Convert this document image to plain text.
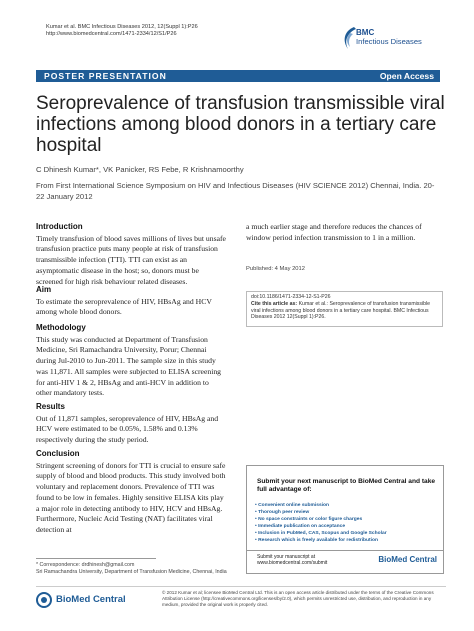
Kumar et al. BMC Infectious Diseases 2012, 12(Suppl 1):P26
http://www.biomedcentral.com/1471-2334/12/S1/P26	BMC
Infectious Diseases
POSTER PRESENTATION	Open Access
Seroprevalence of transfusion transmissible viral infections among blood donors in a tertiary care hospital
C Dhinesh Kumar*, VK Panicker, RS Febe, R Krishnamoorthy
From First International Science Symposium on HIV and Infectious Diseases (HIV SCIENCE 2012) Chennai, India. 20-22 January 2012
Introduction
Timely transfusion of blood saves millions of lives but unsafe transfusion practice puts many people at risk of transfusion transmissible infection (TTI). TTI can exist as an asymptomatic disease in the host; so, donors must be screened for high risk behaviour related diseases.
Aim
To estimate the seroprevalence of HIV, HBsAg and HCV among whole blood donors.
Methodology
This study was conducted at Department of Transfusion Medicine, Sri Ramachandra University, Porur; Chennai during Jul-2010 to Jun-2011. The sample size in this study was 11,871. All samples were subjected to ELISA screening for anti-HIV 1 & 2, HBsAg and anti-HCV in addition to other mandatory tests.
Results
Out of 11,871 samples, seroprevalence of HIV, HBsAg and HCV were estimated to be 0.05%, 1.58% and 0.13% respectively during the study period.
Conclusion
Stringent screening of donors for TTI is crucial to ensure safe supply of blood and blood products. This study involved both voluntary and replacement donors. Prevalence of TTI was found to be low in females. Highly sensitive ELISA kits play a major role in detecting antibody to HIV, HCV and HBsAg. Furthermore, Nucleic Acid Testing (NAT) facilitates viral detection at
a much earlier stage and therefore reduces the chances of window period infection transmission to 1 in a million.
Published: 4 May 2012
doi:10.1186/1471-2334-12-S1-P26
Cite this article as: Kumar et al.: Seroprevalence of transfusion transmissible viral infections among blood donors in a tertiary care hospital. BMC Infectious Diseases 2012 12(Suppl 1):P26.
Submit your next manuscript to BioMed Central and take full advantage of:
• Convenient online submission
• Thorough peer review
• No space constraints or color figure charges
• Immediate publication on acceptance
• Inclusion in PubMed, CAS, Scopus and Google Scholar
• Research which is freely available for redistribution
Submit your manuscript at
www.biomedcentral.com/submit	BioMed Central
* Correspondence: drdhinesh@gmail.com
Sri Ramachandra University, Department of Transfusion Medicine, Chennai, India
BioMed Central
© 2012 Kumar et al; licensee BioMed Central Ltd. This is an open access article distributed under the terms of the Creative Commons Attribution License (http://creativecommons.org/licenses/by/2.0), which permits unrestricted use, distribution, and reproduction in any medium, provided the original work is properly cited.
